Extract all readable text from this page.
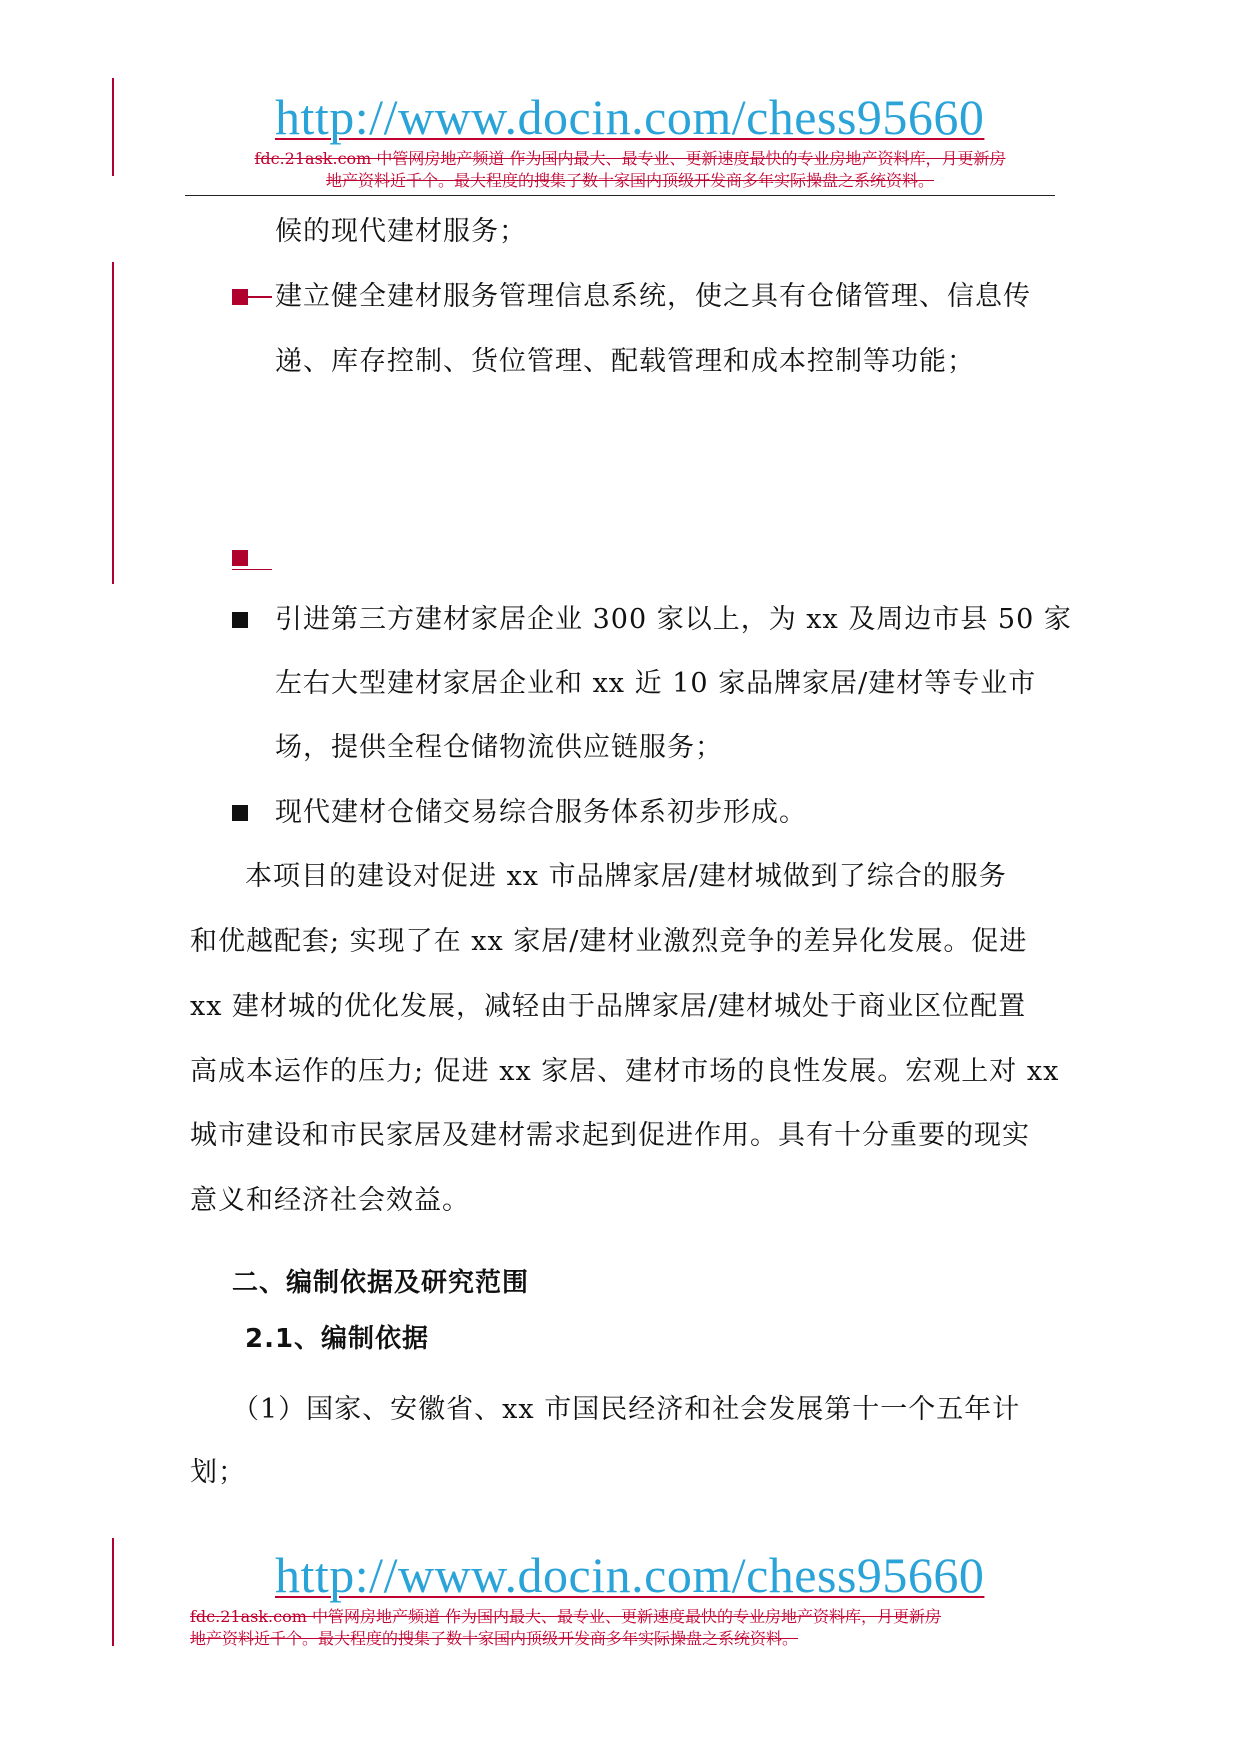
http://www.docin.com/chess95660
fdc.21ask.com 中管网房地产频道 作为国内最大、最专业、更新速度最快的专业房地产资料库，月更新房
地产资料近千个。最大程度的搜集了数十家国内顶级开发商多年实际操盘之系统资料。
候的现代建材服务；
建立健全建材服务管理信息系统，使之具有仓储管理、信息传
递、库存控制、货位管理、配载管理和成本控制等功能；
引进第三方建材家居企业 300 家以上，为 xx 及周边市县 50 家
左右大型建材家居企业和 xx 近 10 家品牌家居/建材等专业市
场，提供全程仓储物流供应链服务；
现代建材仓储交易综合服务体系初步形成。
本项目的建设对促进 xx 市品牌家居/建材城做到了综合的服务
和优越配套; 实现了在 xx 家居/建材业激烈竞争的差异化发展。促进
xx 建材城的优化发展，减轻由于品牌家居/建材城处于商业区位配置
高成本运作的压力; 促进 xx 家居、建材市场的良性发展。宏观上对 xx
城市建设和市民家居及建材需求起到促进作用。具有十分重要的现实
意义和经济社会效益。
二、编制依据及研究范围
2.1、编制依据
（1）国家、安徽省、xx 市国民经济和社会发展第十一个五年计
划；
http://www.docin.com/chess95660
fdc.21ask.com 中管网房地产频道 作为国内最大、最专业、更新速度最快的专业房地产资料库，月更新房
地产资料近千个。最大程度的搜集了数十家国内顶级开发商多年实际操盘之系统资料。
